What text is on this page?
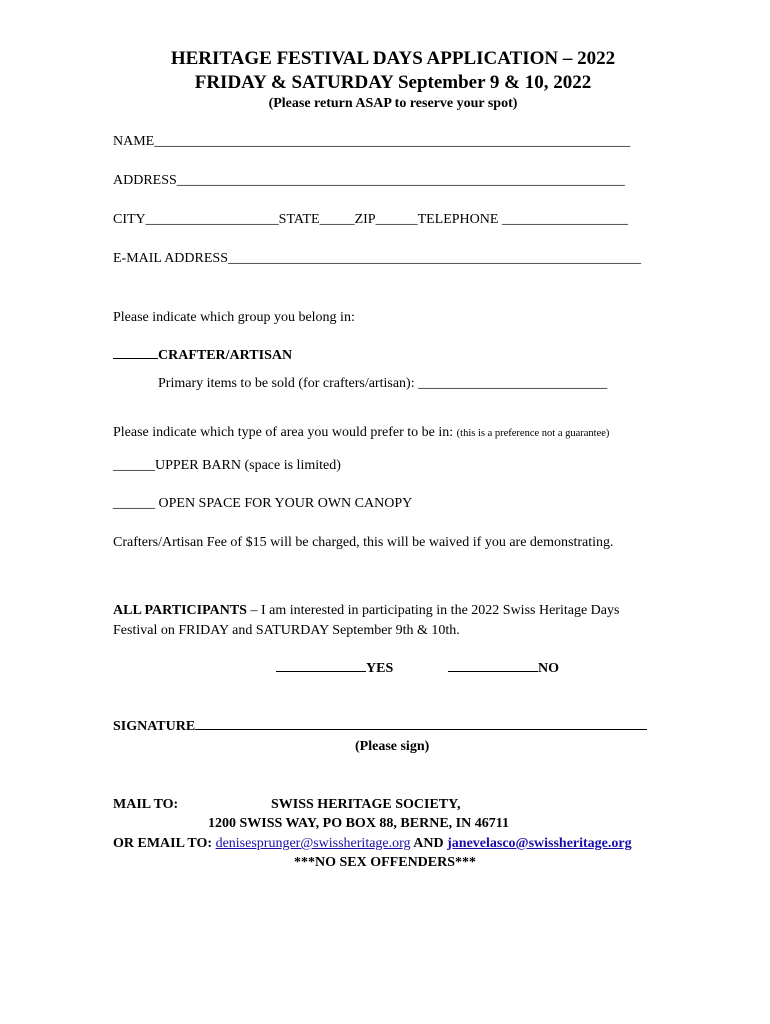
HERITAGE FESTIVAL DAYS APPLICATION – 2022
FRIDAY & SATURDAY September 9 & 10, 2022
(Please return ASAP to reserve your spot)
NAME____________________________________________________________________
ADDRESS________________________________________________________________
CITY___________________STATE_____ZIP______TELEPHONE __________________
E-MAIL ADDRESS___________________________________________________________
Please indicate which group you belong in:
CRAFTER/ARTISAN
Primary items to be sold (for crafters/artisan): ___________________________
Please indicate which type of area you would prefer to be in: (this is a preference not a guarantee)
______UPPER BARN (space is limited)
______ OPEN SPACE FOR YOUR OWN CANOPY
Crafters/Artisan Fee of $15 will be charged, this will be waived if you are demonstrating.
ALL PARTICIPANTS – I am interested in participating in the 2022 Swiss Heritage Days
Festival on FRIDAY and SATURDAY September 9th & 10th.
YES	NO
SIGNATURE
(Please sign)
MAIL TO:	SWISS HERITAGE SOCIETY,
1200 SWISS WAY, PO BOX 88, BERNE, IN 46711
OR EMAIL TO: denisesprunger@swissheritage.org AND janevelasco@swissheritage.org
***NO SEX OFFENDERS***
